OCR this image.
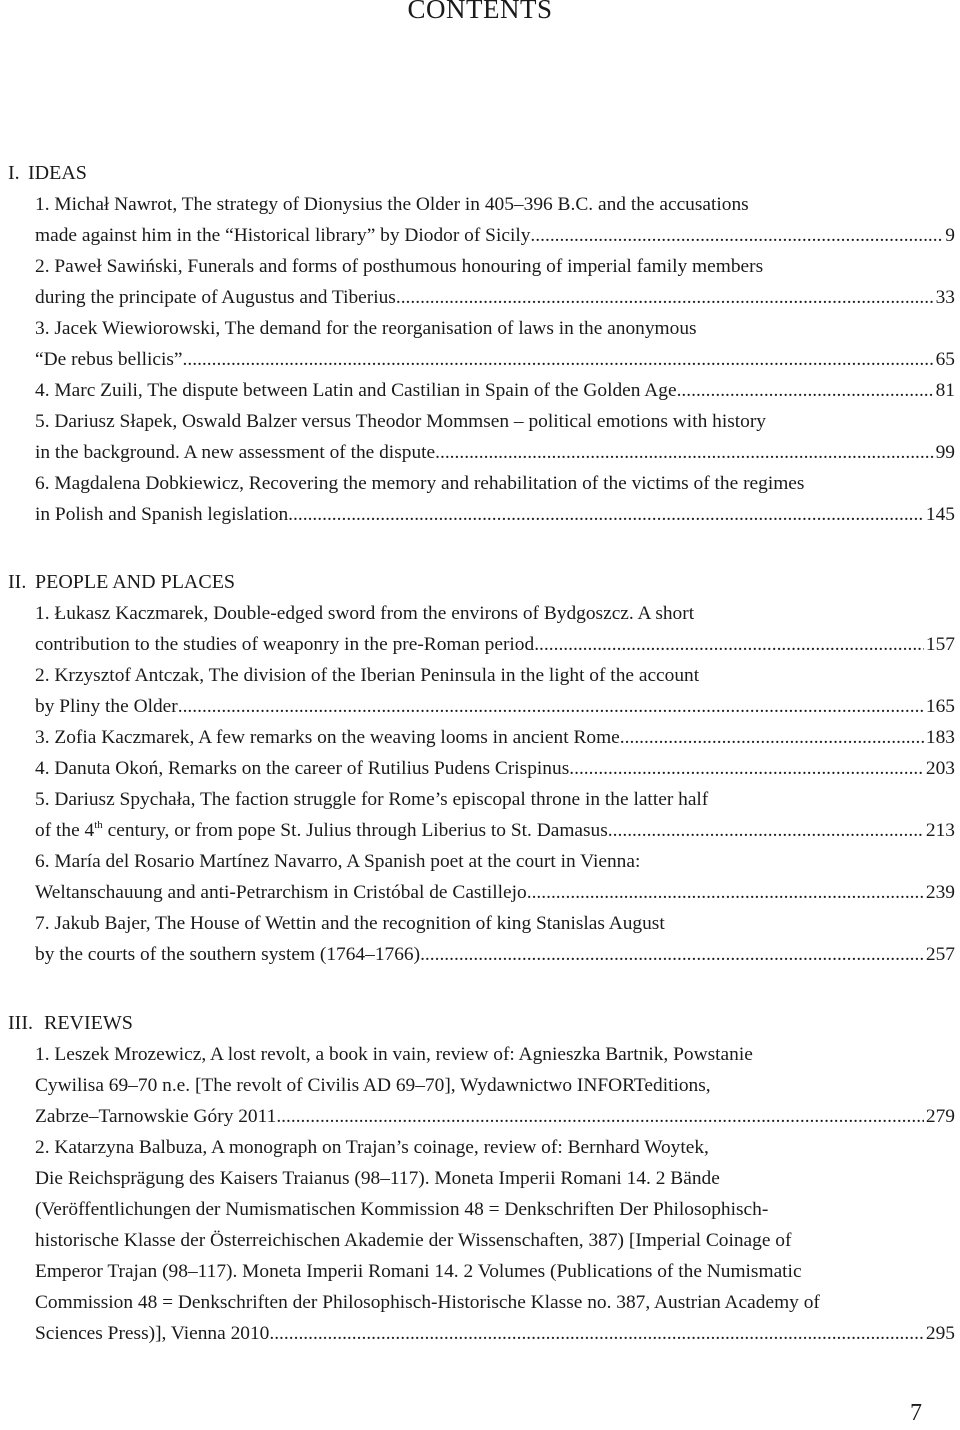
CONTENTS
I. IDEAS
1. Michał Nawrot, The strategy of Dionysius the Older in 405–396 B.C. and the accusations
made against him in the “Historical library” by Diodor of Sicily .....	9
2. Paweł Sawiński, Funerals and forms of posthumous honouring of imperial family members
during the principate of Augustus and Tiberius .....	33
3. Jacek Wiewiorowski, The demand for the reorganisation of laws in the anonymous
“De rebus bellicis” .....	65
4. Marc Zuili, The dispute between Latin and Castilian in Spain of the Golden Age .....	81
5. Dariusz Słapek, Oswald Balzer versus Theodor Mommsen – political emotions with history
in the background. A new assessment of the dispute .....	99
6. Magdalena Dobkiewicz, Recovering the memory and rehabilitation of the victims of the regimes
in Polish and Spanish legislation .....	145
II. PEOPLE AND PLACES
1. Łukasz Kaczmarek, Double-edged sword from the environs of Bydgoszcz. A short
contribution to the studies of weaponry in the pre-Roman period .....	157
2. Krzysztof Antczak, The division of the Iberian Peninsula in the light of the account
by Pliny the Older .....	165
3. Zofia Kaczmarek, A few remarks on the weaving looms in ancient Rome .....	183
4. Danuta Okoń, Remarks on the career of Rutilius Pudens Crispinus .....	203
5. Dariusz Spychała, The faction struggle for Rome’s episcopal throne in the latter half
of the 4th century, or from pope St. Julius through Liberius to St. Damasus .....	213
6. María del Rosario Martínez Navarro, A Spanish poet at the court in Vienna:
Weltanschauung and anti-Petrarchism in Cristóbal de Castillejo .....	239
7. Jakub Bajer, The House of Wettin and the recognition of king Stanislas August
by the courts of the southern system (1764–1766) .....	257
III. REVIEWS
1. Leszek Mrozewicz, A lost revolt, a book in vain, review of: Agnieszka Bartnik, Powstanie
Cywilisa 69–70 n.e. [The revolt of Civilis AD 69–70], Wydawnictwo INFORTeditions,
Zabrze–Tarnowskie Góry 2011 .....	279
2. Katarzyna Balbuza, A monograph on Trajan’s coinage, review of: Bernhard Woytek,
Die Reichsprägung des Kaisers Traianus (98–117). Moneta Imperii Romani 14. 2 Bände
(Veröffentlichungen der Numismatischen Kommission 48 = Denkschriften Der Philosophisch-
historische Klasse der Österreichischen Akademie der Wissenschaften, 387) [Imperial Coinage of
Emperor Trajan (98–117). Moneta Imperii Romani 14. 2 Volumes (Publications of the Numismatic
Commission 48 = Denkschriften der Philosophisch-Historische Klasse no. 387, Austrian Academy of
Sciences Press)], Vienna 2010 .....	295
7
